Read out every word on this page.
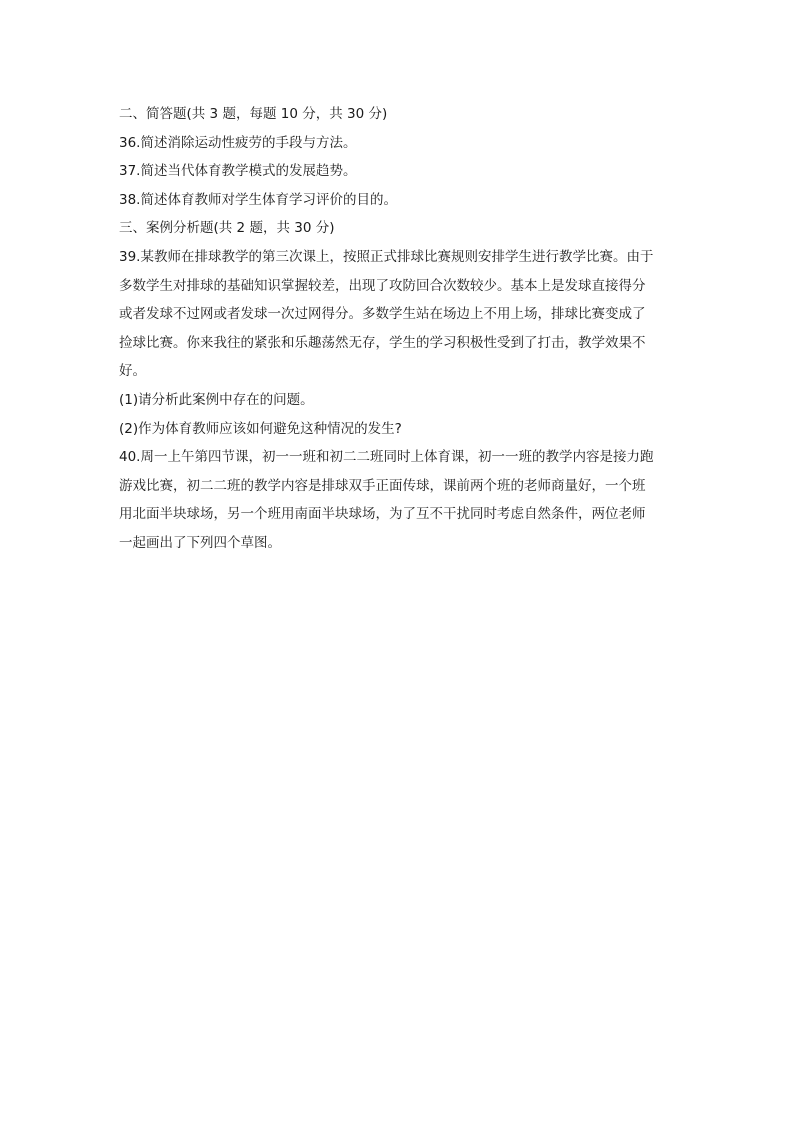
二、简答题(共 3 题，每题 10 分，共 30 分)

36.简述消除运动性疲劳的手段与方法。

37.简述当代体育教学模式的发展趋势。

38.简述体育教师对学生体育学习评价的目的。

三、案例分析题(共 2 题，共 30 分)

39.某教师在排球教学的第三次课上，按照正式排球比赛规则安排学生进行教学比赛。由于

多数学生对排球的基础知识掌握较差，出现了攻防回合次数较少。基本上是发球直接得分

或者发球不过网或者发球一次过网得分。多数学生站在场边上不用上场，排球比赛变成了

捡球比赛。你来我往的紧张和乐趣荡然无存，学生的学习积极性受到了打击，教学效果不

好。

(1)请分析此案例中存在的问题。

(2)作为体育教师应该如何避免这种情况的发生?

40.周一上午第四节课，初一一班和初二二班同时上体育课，初一一班的教学内容是接力跑

游戏比赛，初二二班的教学内容是排球双手正面传球，课前两个班的老师商量好，一个班

用北面半块球场，另一个班用南面半块球场，为了互不干扰同时考虑自然条件，两位老师

一起画出了下列四个草图。
